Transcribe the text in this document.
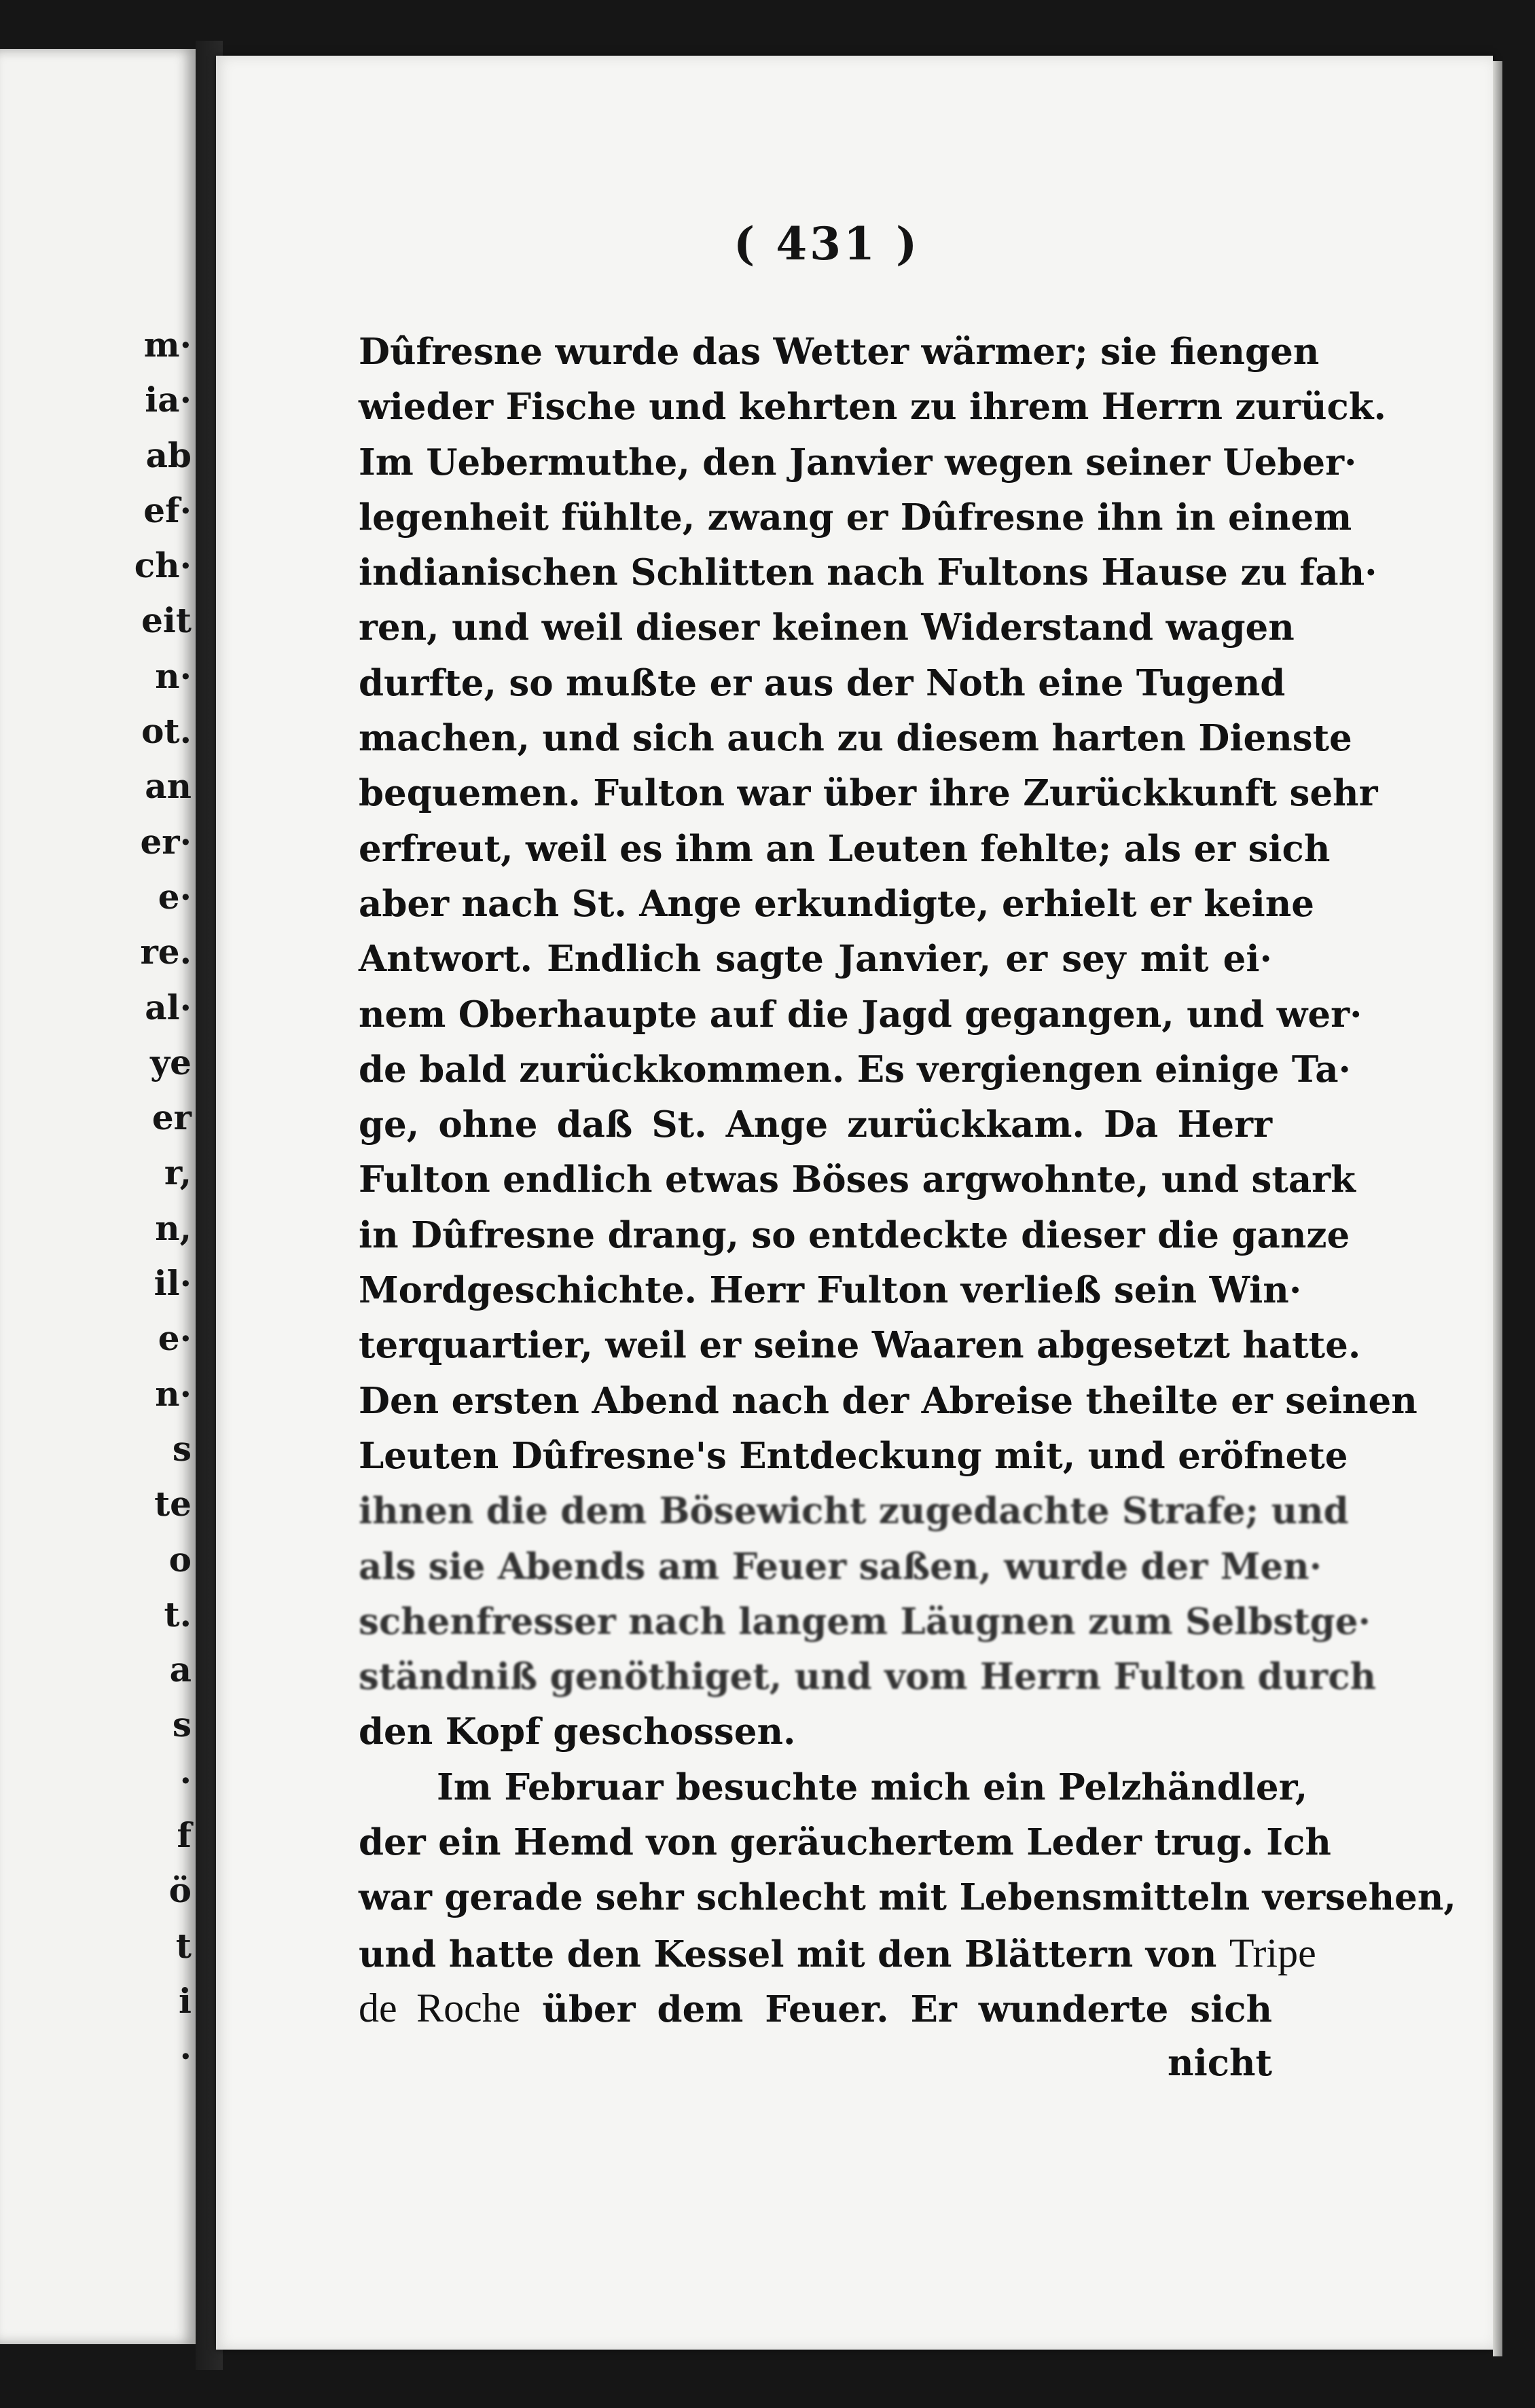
m·
ia·
ab
ef·
ch·
eit
n·
ot.
an
er·
e·
re.
al·
ye
er
r,
n,
il·
e·
n·
s
te
o
t.
a
s
·
f
ö
t
i
·
( 431 )
Dûfresne wurde das Wetter wärmer; sie fiengen
wieder Fische und kehrten zu ihrem Herrn zurück.
Im Uebermuthe, den Janvier wegen seiner Ueber·
legenheit fühlte, zwang er Dûfresne ihn in einem
indianischen Schlitten nach Fultons Hause zu fah·
ren, und weil dieser keinen Widerstand wagen
durfte, so mußte er aus der Noth eine Tugend
machen, und sich auch zu diesem harten Dienste
bequemen. Fulton war über ihre Zurückkunft sehr
erfreut, weil es ihm an Leuten fehlte; als er sich
aber nach St. Ange erkundigte, erhielt er keine
Antwort. Endlich sagte Janvier, er sey mit ei·
nem Oberhaupte auf die Jagd gegangen, und wer·
de bald zurückkommen. Es vergiengen einige Ta·
ge, ohne daß St. Ange zurückkam. Da Herr
Fulton endlich etwas Böses argwohnte, und stark
in Dûfresne drang, so entdeckte dieser die ganze
Mordgeschichte. Herr Fulton verließ sein Win·
terquartier, weil er seine Waaren abgesetzt hatte.
Den ersten Abend nach der Abreise theilte er seinen
Leuten Dûfresne's Entdeckung mit, und eröfnete
ihnen die dem Bösewicht zugedachte Strafe; und
als sie Abends am Feuer saßen, wurde der Men·
schenfresser nach langem Läugnen zum Selbstge·
ständniß genöthiget, und vom Herrn Fulton durch
den Kopf geschossen.
Im Februar besuchte mich ein Pelzhändler,
der ein Hemd von geräuchertem Leder trug. Ich
war gerade sehr schlecht mit Lebensmitteln versehen,
und hatte den Kessel mit den Blättern von Tripe
de Roche über dem Feuer. Er wunderte sich
nicht
